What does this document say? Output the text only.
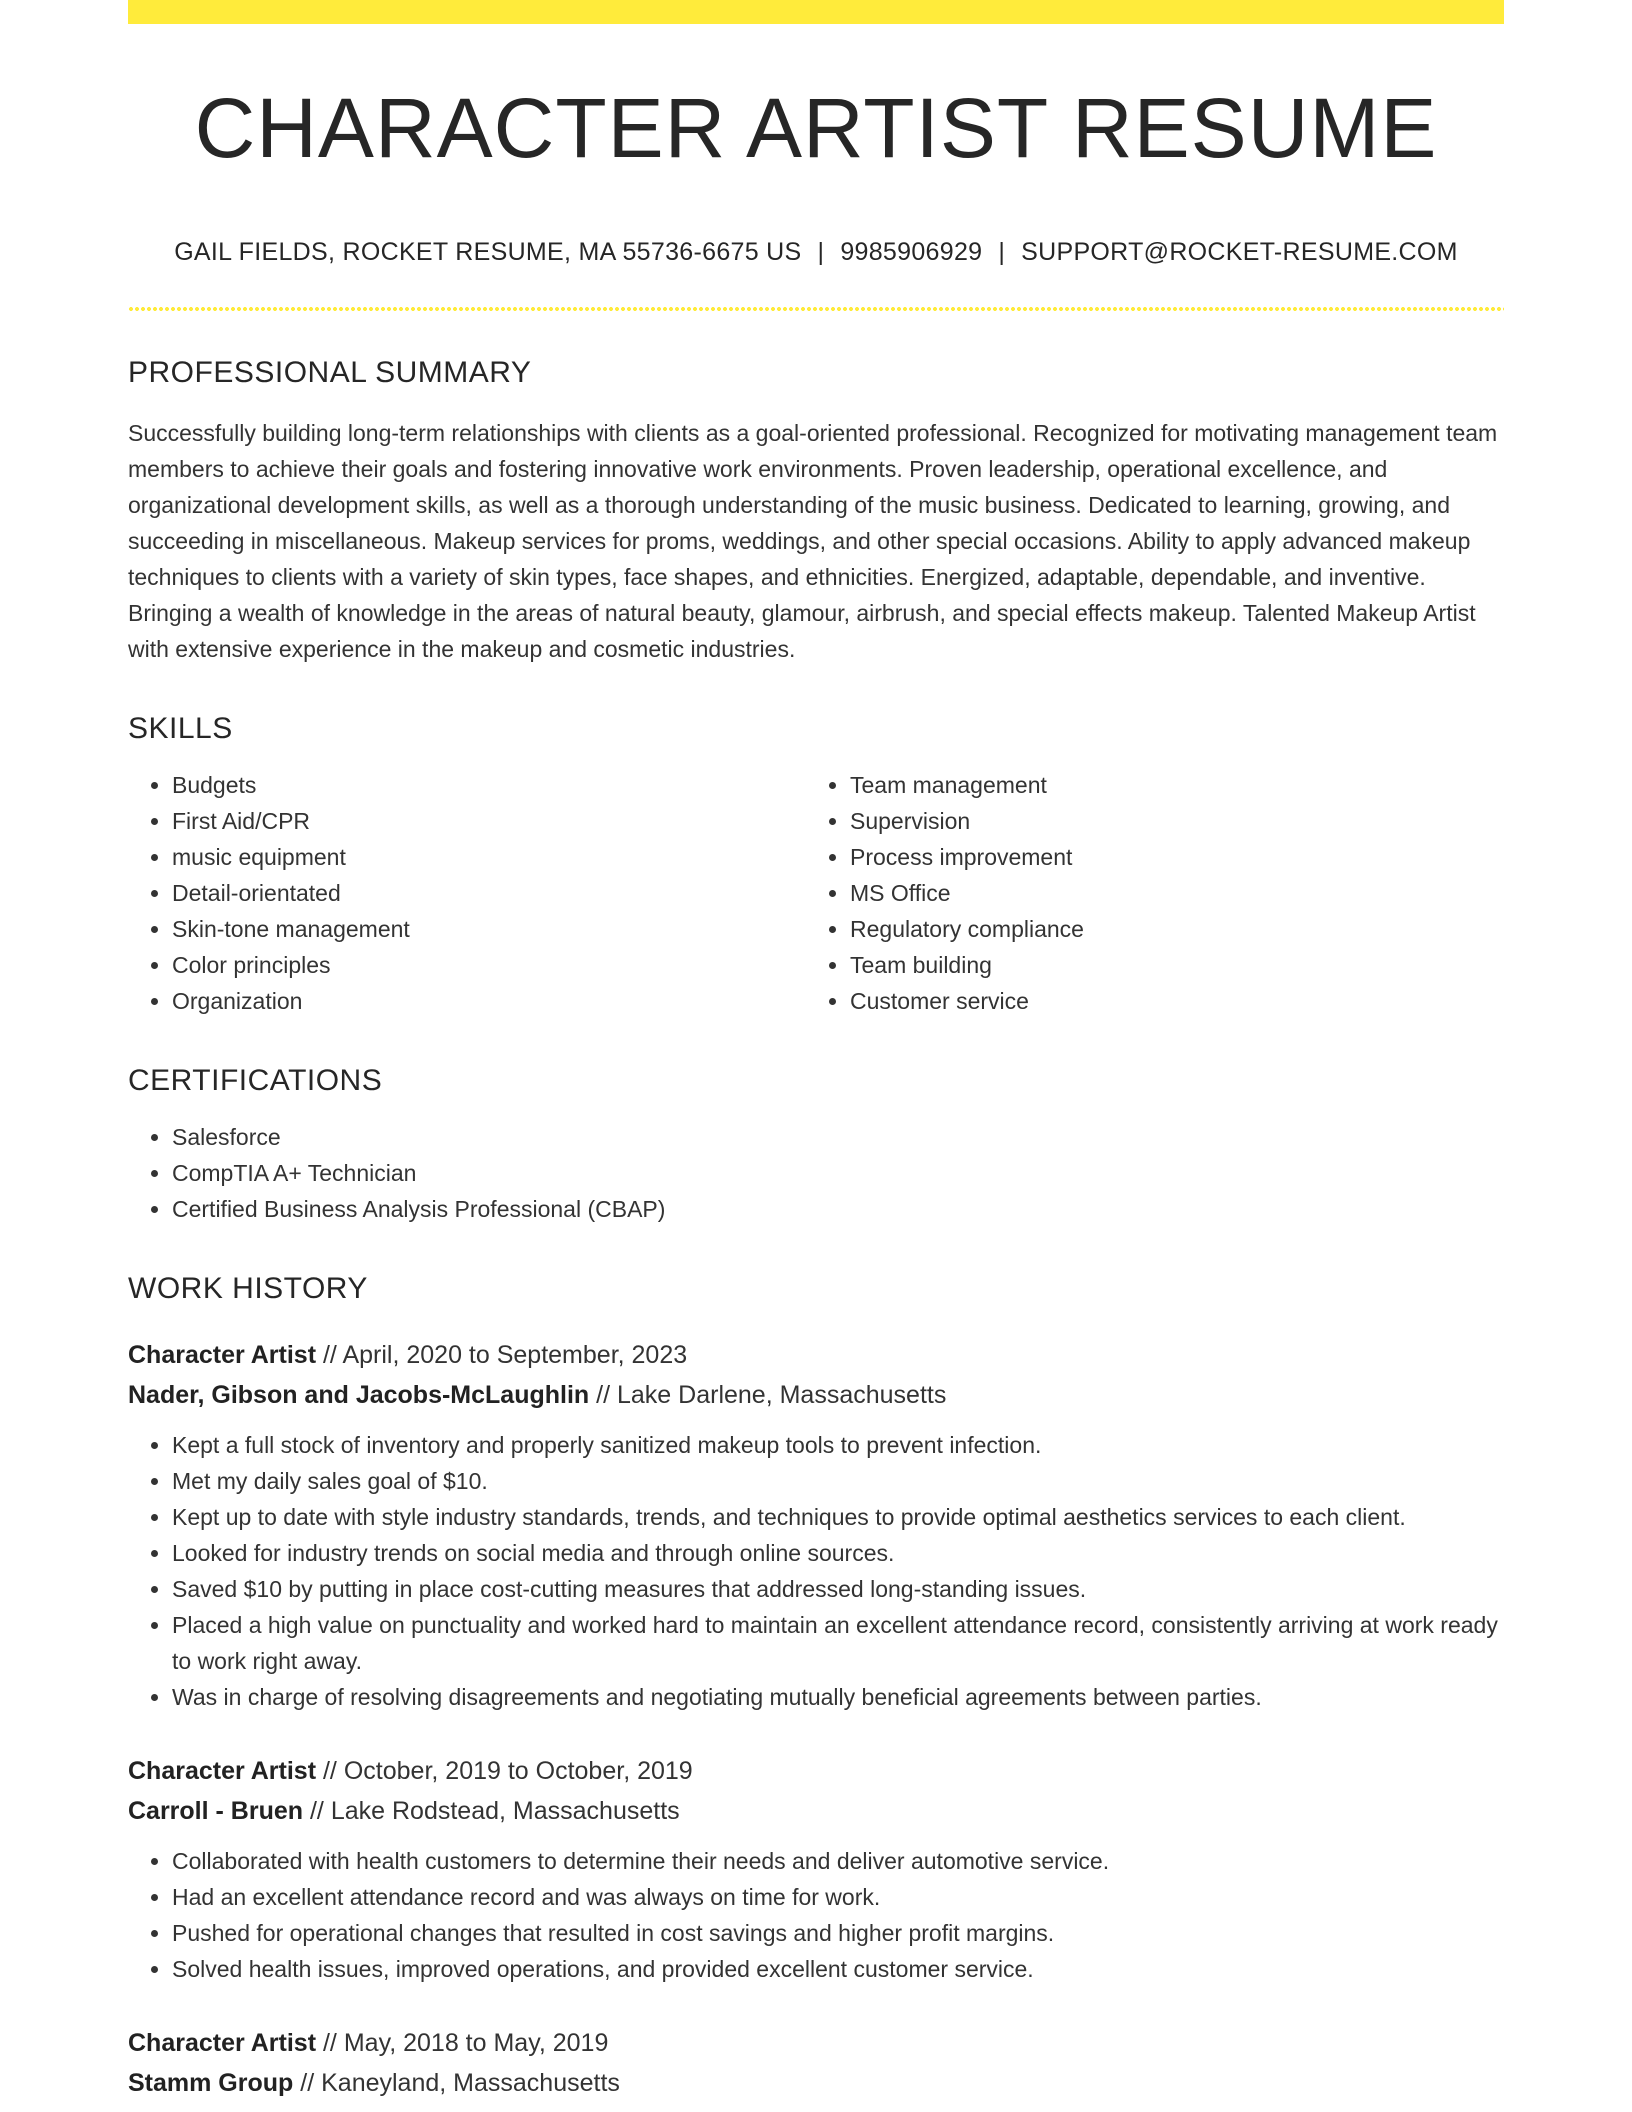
CHARACTER ARTIST RESUME
GAIL FIELDS, ROCKET RESUME, MA 55736-6675 US | 9985906929 | SUPPORT@ROCKET-RESUME.COM
PROFESSIONAL SUMMARY
Successfully building long-term relationships with clients as a goal-oriented professional. Recognized for motivating management team members to achieve their goals and fostering innovative work environments. Proven leadership, operational excellence, and organizational development skills, as well as a thorough understanding of the music business. Dedicated to learning, growing, and succeeding in miscellaneous. Makeup services for proms, weddings, and other special occasions. Ability to apply advanced makeup techniques to clients with a variety of skin types, face shapes, and ethnicities. Energized, adaptable, dependable, and inventive. Bringing a wealth of knowledge in the areas of natural beauty, glamour, airbrush, and special effects makeup. Talented Makeup Artist with extensive experience in the makeup and cosmetic industries.
SKILLS
• Budgets
• First Aid/CPR
• music equipment
• Detail-orientated
• Skin-tone management
• Color principles
• Organization
• Team management
• Supervision
• Process improvement
• MS Office
• Regulatory compliance
• Team building
• Customer service
CERTIFICATIONS
• Salesforce
• CompTIA A+ Technician
• Certified Business Analysis Professional (CBAP)
WORK HISTORY
Character Artist // April, 2020 to September, 2023
Nader, Gibson and Jacobs-McLaughlin // Lake Darlene, Massachusetts
• Kept a full stock of inventory and properly sanitized makeup tools to prevent infection.
• Met my daily sales goal of $10.
• Kept up to date with style industry standards, trends, and techniques to provide optimal aesthetics services to each client.
• Looked for industry trends on social media and through online sources.
• Saved $10 by putting in place cost-cutting measures that addressed long-standing issues.
• Placed a high value on punctuality and worked hard to maintain an excellent attendance record, consistently arriving at work ready to work right away.
• Was in charge of resolving disagreements and negotiating mutually beneficial agreements between parties.
Character Artist // October, 2019 to October, 2019
Carroll - Bruen // Lake Rodstead, Massachusetts
• Collaborated with health customers to determine their needs and deliver automotive service.
• Had an excellent attendance record and was always on time for work.
• Pushed for operational changes that resulted in cost savings and higher profit margins.
• Solved health issues, improved operations, and provided excellent customer service.
Character Artist // May, 2018 to May, 2019
Stamm Group // Kaneyland, Massachusetts
